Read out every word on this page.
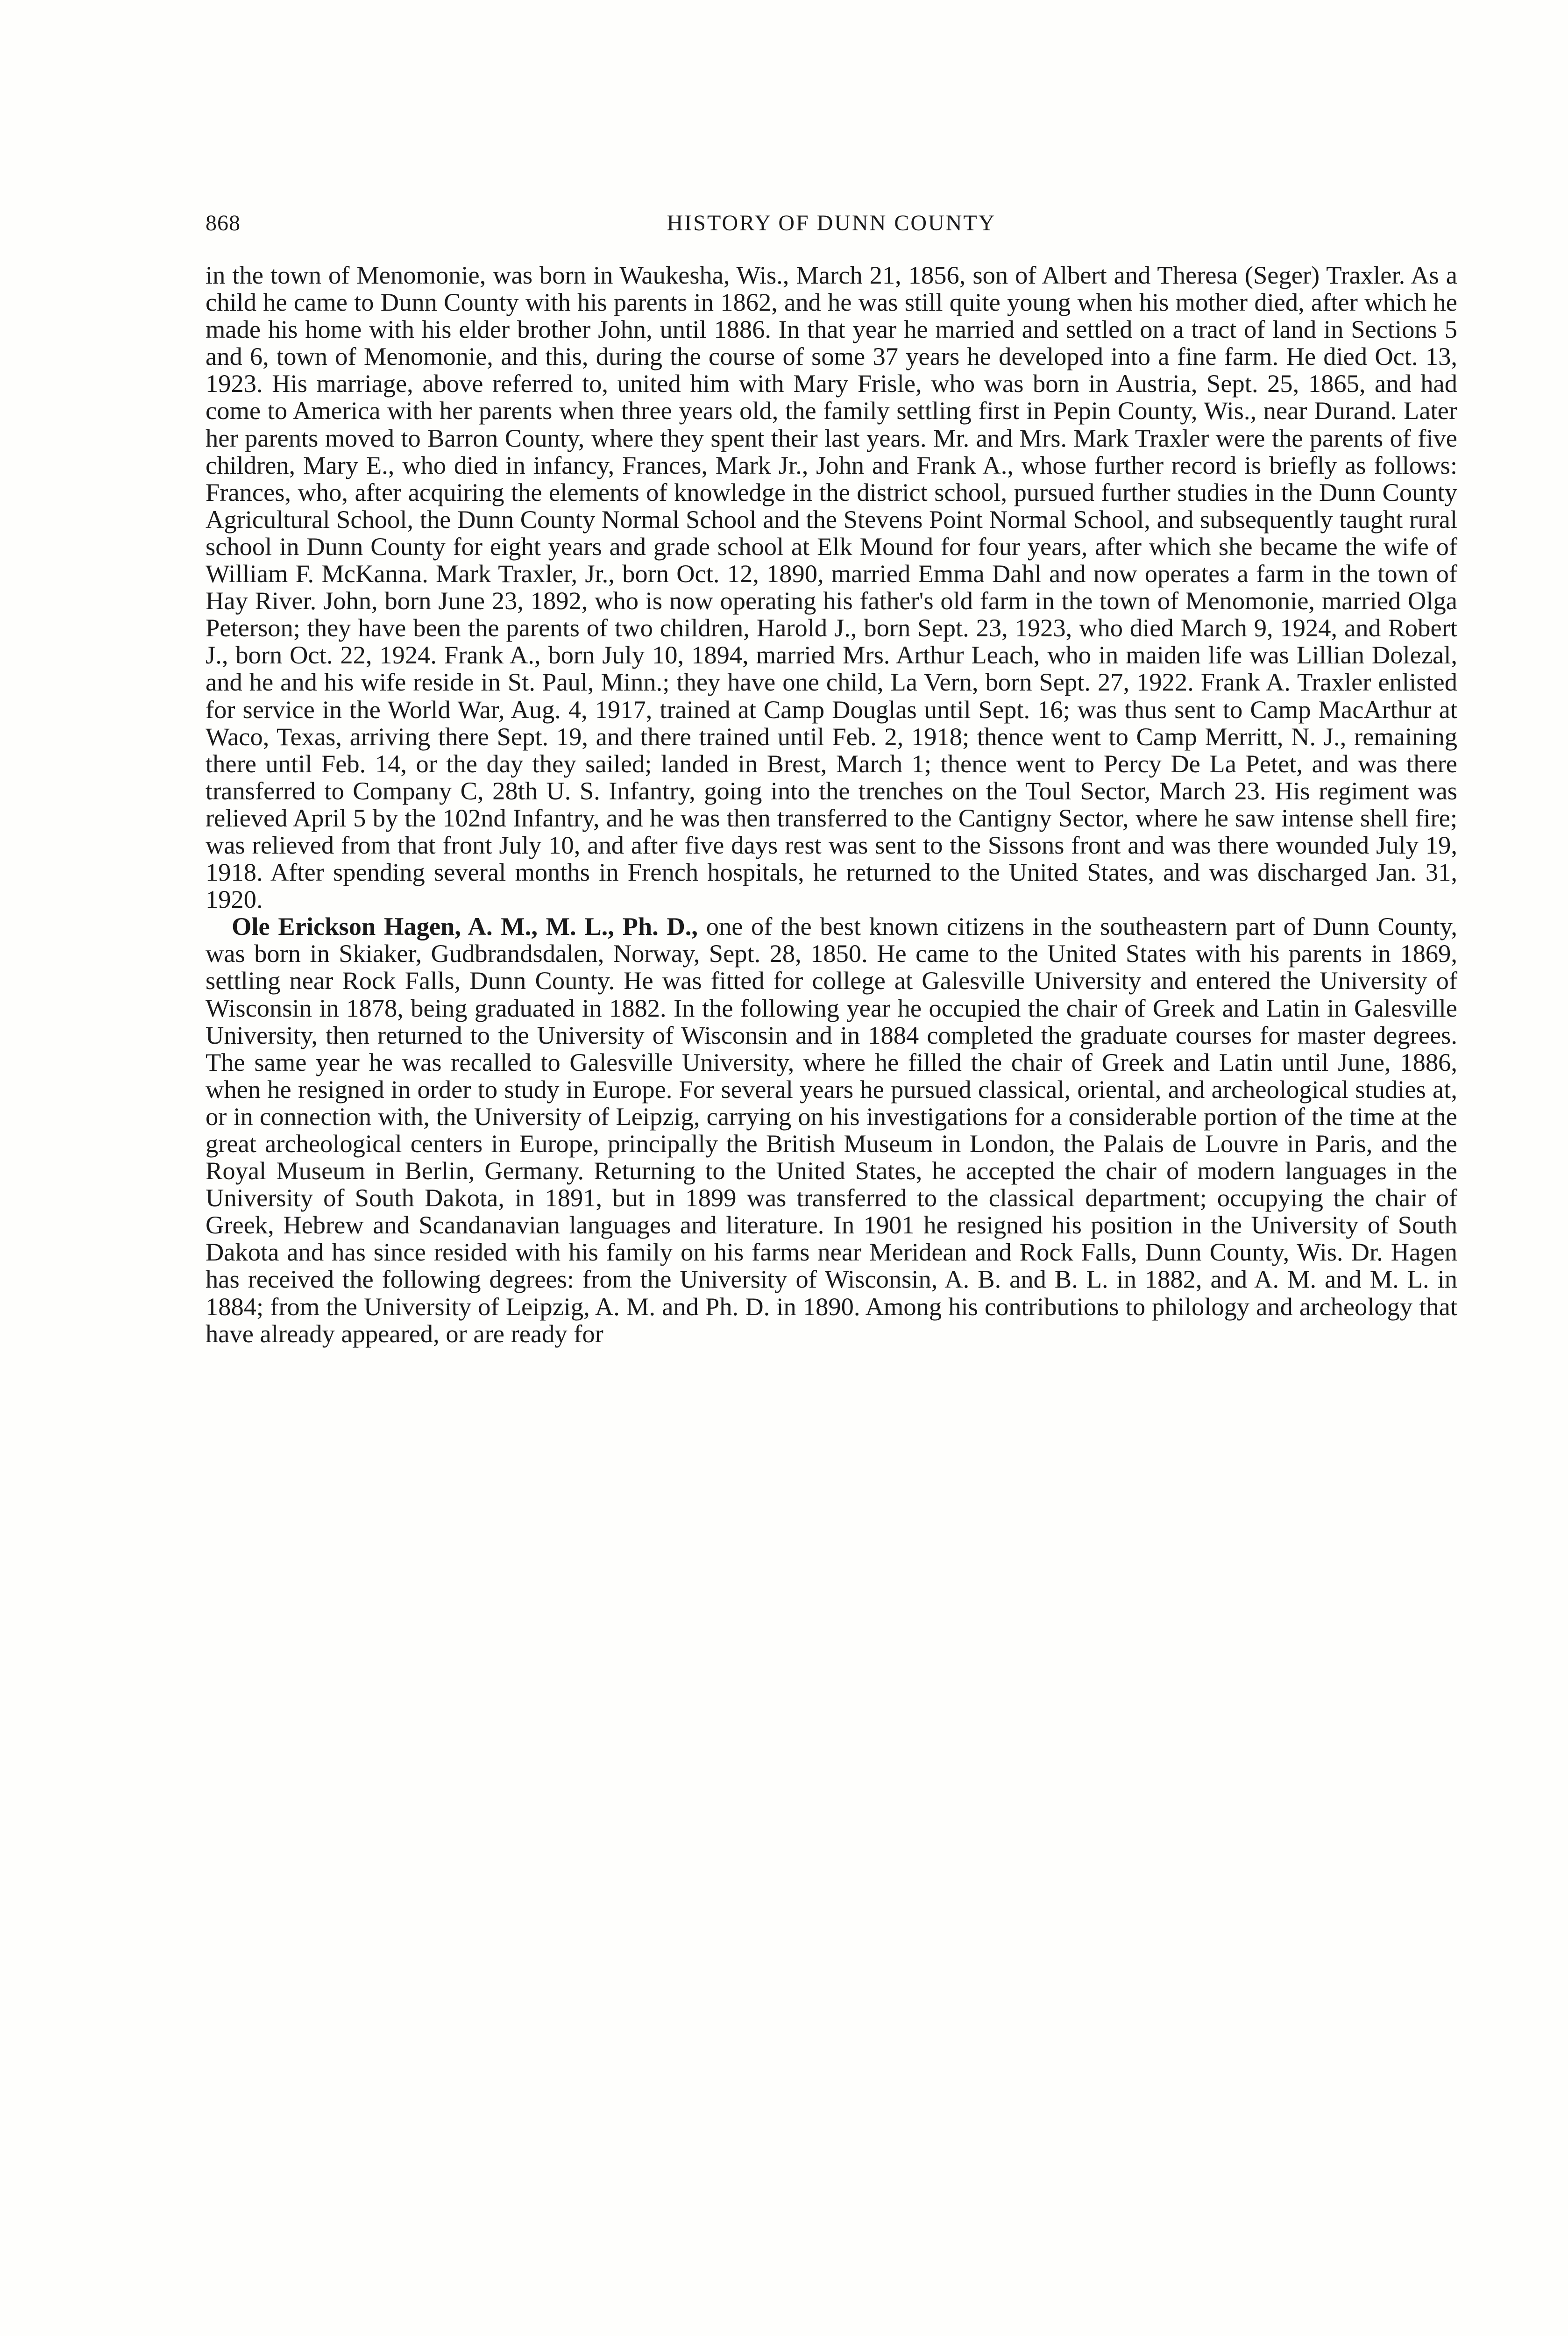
868	HISTORY OF DUNN COUNTY

in the town of Menomonie, was born in Waukesha, Wis., March 21, 1856, son of Albert and Theresa (Seger) Traxler. As a child he came to Dunn County with his parents in 1862, and he was still quite young when his mother died, after which he made his home with his elder brother John, until 1886. In that year he married and settled on a tract of land in Sections 5 and 6, town of Menomonie, and this, during the course of some 37 years he developed into a fine farm. He died Oct. 13, 1923. His marriage, above referred to, united him with Mary Frisle, who was born in Austria, Sept. 25, 1865, and had come to America with her parents when three years old, the family settling first in Pepin County, Wis., near Durand. Later her parents moved to Barron County, where they spent their last years. Mr. and Mrs. Mark Traxler were the parents of five children, Mary E., who died in infancy, Frances, Mark Jr., John and Frank A., whose further record is briefly as follows: Frances, who, after acquiring the elements of knowledge in the district school, pursued further studies in the Dunn County Agricultural School, the Dunn County Normal School and the Stevens Point Normal School, and subsequently taught rural school in Dunn County for eight years and grade school at Elk Mound for four years, after which she became the wife of William F. McKanna. Mark Traxler, Jr., born Oct. 12, 1890, married Emma Dahl and now operates a farm in the town of Hay River. John, born June 23, 1892, who is now operating his father's old farm in the town of Menomonie, married Olga Peterson; they have been the parents of two children, Harold J., born Sept. 23, 1923, who died March 9, 1924, and Robert J., born Oct. 22, 1924. Frank A., born July 10, 1894, married Mrs. Arthur Leach, who in maiden life was Lillian Dolezal, and he and his wife reside in St. Paul, Minn.; they have one child, La Vern, born Sept. 27, 1922. Frank A. Traxler enlisted for service in the World War, Aug. 4, 1917, trained at Camp Douglas until Sept. 16; was thus sent to Camp MacArthur at Waco, Texas, arriving there Sept. 19, and there trained until Feb. 2, 1918; thence went to Camp Merritt, N. J., remaining there until Feb. 14, or the day they sailed; landed in Brest, March 1; thence went to Percy De La Petet, and was there transferred to Company C, 28th U. S. Infantry, going into the trenches on the Toul Sector, March 23. His regiment was relieved April 5 by the 102nd Infantry, and he was then transferred to the Cantigny Sector, where he saw intense shell fire; was relieved from that front July 10, and after five days rest was sent to the Sissons front and was there wounded July 19, 1918. After spending several months in French hospitals, he returned to the United States, and was discharged Jan. 31, 1920.

Ole Erickson Hagen, A. M., M. L., Ph. D., one of the best known citizens in the southeastern part of Dunn County, was born in Skiaker, Gudbrandsdalen, Norway, Sept. 28, 1850. He came to the United States with his parents in 1869, settling near Rock Falls, Dunn County. He was fitted for college at Galesville University and entered the University of Wisconsin in 1878, being graduated in 1882. In the following year he occupied the chair of Greek and Latin in Galesville University, then returned to the University of Wisconsin and in 1884 completed the graduate courses for master degrees. The same year he was recalled to Galesville University, where he filled the chair of Greek and Latin until June, 1886, when he resigned in order to study in Europe. For several years he pursued classical, oriental, and archeological studies at, or in connection with, the University of Leipzig, carrying on his investigations for a considerable portion of the time at the great archeological centers in Europe, principally the British Museum in London, the Palais de Louvre in Paris, and the Royal Museum in Berlin, Germany. Returning to the United States, he accepted the chair of modern languages in the University of South Dakota, in 1891, but in 1899 was transferred to the classical department; occupying the chair of Greek, Hebrew and Scandanavian languages and literature. In 1901 he resigned his position in the University of South Dakota and has since resided with his family on his farms near Meridean and Rock Falls, Dunn County, Wis. Dr. Hagen has received the following degrees: from the University of Wisconsin, A. B. and B. L. in 1882, and A. M. and M. L. in 1884; from the University of Leipzig, A. M. and Ph. D. in 1890. Among his contributions to philology and archeology that have already appeared, or are ready for
